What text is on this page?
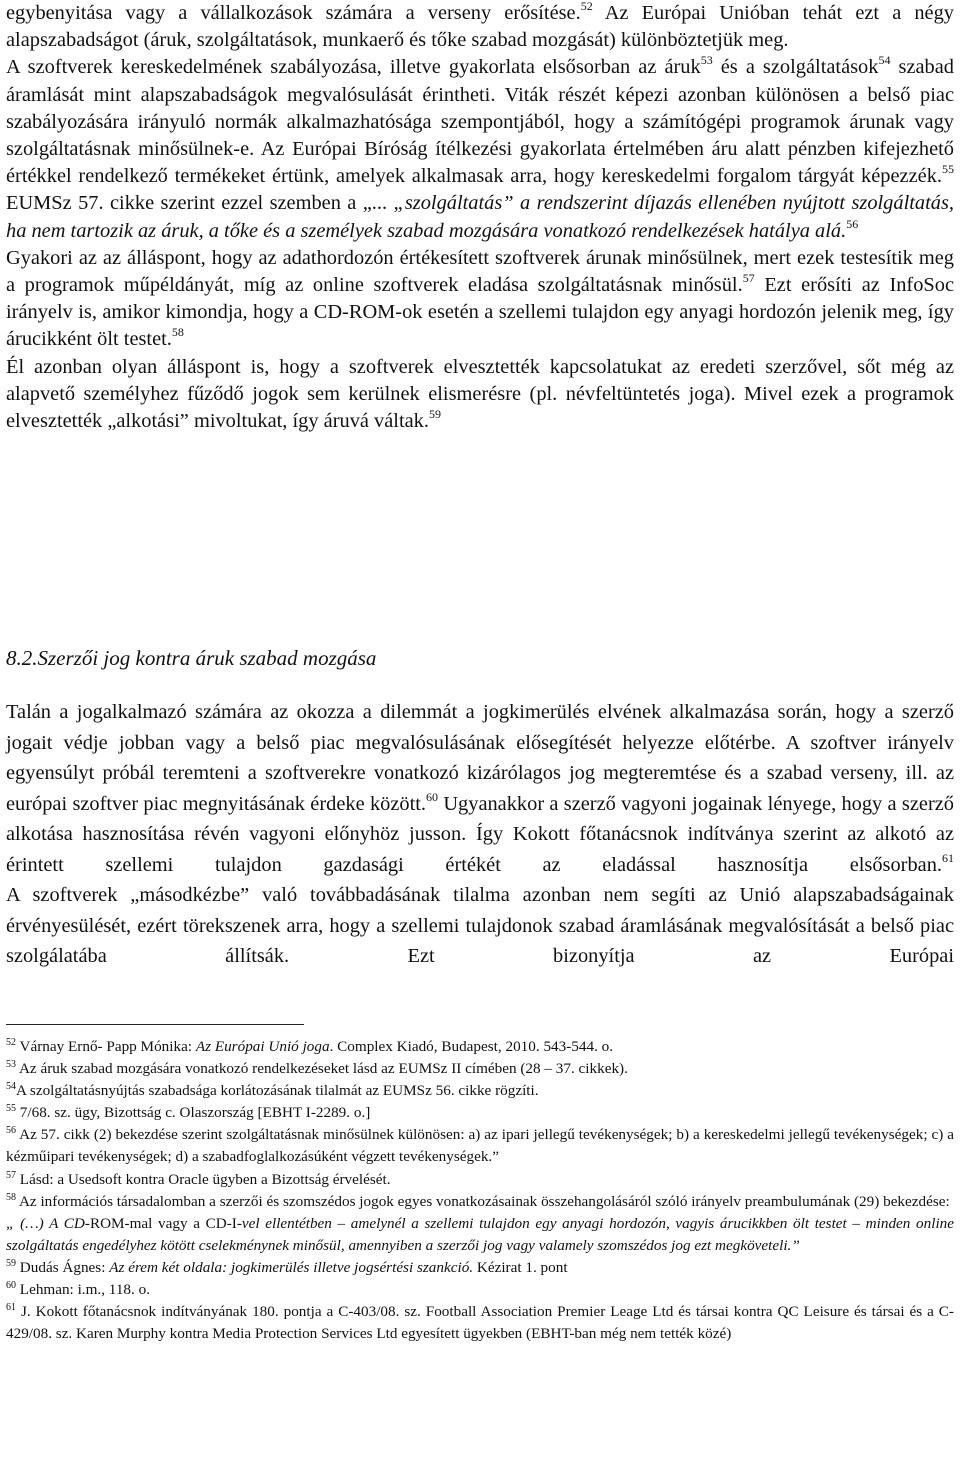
egybenyitása vagy a vállalkozások számára a verseny erősítése.$^{52}$ Az Európai Unióban tehát ezt a négy alapszabadságot (áruk, szolgáltatások, munkaerő és tőke szabad mozgását) különböztetjük meg.
A szoftverek kereskedelmének szabályozása, illetve gyakorlata elsősorban az áruk$^{53}$ és a szolgáltatások$^{54}$ szabad áramlását mint alapszabadságok megvalósulását érintheti. Viták részét képezi azonban különösen a belső piac szabályozására irányuló normák alkalmazhatósága szempontjából, hogy a számítógépi programok árunak vagy szolgáltatásnak minősülnek-e. Az Európai Bíróság ítélkezési gyakorlata értelmében áru alatt pénzben kifejezhető értékkel rendelkező termékeket értünk, amelyek alkalmasak arra, hogy kereskedelmi forgalom tárgyát képezzék.$^{55}$ EUMSz 57. cikke szerint ezzel szemben a „... „szolgáltatás” a rendszerint díjazás ellenében nyújtott szolgáltatás, ha nem tartozik az áruk, a tőke és a személyek szabad mozgására vonatkozó rendelkezések hatálya alá.$^{56}$
Gyakori az az álláspont, hogy az adathordozón értékesített szoftverek árunak minősülnek, mert ezek testesítik meg a programok műpéldányát, míg az online szoftverek eladása szolgáltatásnak minősül.$^{57}$ Ezt erősíti az InfoSoc irányelv is, amikor kimondja, hogy a CD-ROM-ok esetén a szellemi tulajdon egy anyagi hordozón jelenik meg, így árucikként ölt testet.$^{58}$
Él azonban olyan álláspont is, hogy a szoftverek elvesztették kapcsolatukat az eredeti szerzővel, sőt még az alapvető személyhez fűződő jogok sem kerülnek elismerésre (pl. névfeltüntetés joga). Mivel ezek a programok elvesztették „alkotási” mivoltukat, így áruvá váltak.$^{59}$
8.2.Szerzői jog kontra áruk szabad mozgása
Talán a jogalkalmazó számára az okozza a dilemmát a jogkimerülés elvének alkalmazása során, hogy a szerző jogait védje jobban vagy a belső piac megvalósulásának elősegítését helyezze előtérbe. A szoftver irányelv egyensúlyt próbál teremteni a szoftverekre vonatkozó kizárólagos jog megteremtése és a szabad verseny, ill. az európai szoftver piac megnyitásának érdeke között.$^{60}$ Ugyanakkor a szerző vagyoni jogainak lényege, hogy a szerző alkotása hasznosítása révén vagyoni előnyhöz jusson. Így Kokott főtanácsnok indítványa szerint az alkotó az érintett szellemi tulajdon gazdasági értékét az eladással hasznosítja elsősorban.$^{61}$
A szoftverek „másodkézbe” való továbbadásának tilalma azonban nem segíti az Unió alapszabadságainak érvényesülését, ezért törekszenek arra, hogy a szellemi tulajdonok szabad áramlásának megvalósítását a belső piac szolgálatába állítsák. Ezt bizonyítja az Európai
$^{52}$ Várnay Ernő- Papp Mónika: Az Európai Unió joga. Complex Kiadó, Budapest, 2010. 543-544. o.
$^{53}$ Az áruk szabad mozgására vonatkozó rendelkezéseket lásd az EUMSz II címében (28 – 37. cikkek).
$^{54}$A szolgáltatásnyújtás szabadsága korlátozásának tilalmát az EUMSz 56. cikke rögzíti.
$^{55}$ 7/68. sz. ügy, Bizottság c. Olaszország [EBHT I-2289. o.]
$^{56}$ Az 57. cikk (2) bekezdése szerint szolgáltatásnak minősülnek különösen: a) az ipari jellegű tevékenységek; b) a kereskedelmi jellegű tevékenységek; c) a kézműipari tevékenységek; d) a szabadfoglalkozásúként végzett tevékenységek.”
$^{57}$ Lásd: a Usedsoft kontra Oracle ügyben a Bizottság érvelését.
$^{58}$ Az információs társadalomban a szerzői és szomszédos jogok egyes vonatkozásainak összehangolásáról szóló irányelv preambulumának (29) bekezdése:
„ (…) A CD-ROM-mal vagy a CD-I-vel ellentétben – amelynél a szellemi tulajdon egy anyagi hordozón, vagyis árucikkben ölt testet – minden online szolgáltatás engedélyhez kötött cselekménynek minősül, amennyiben a szerzői jog vagy valamely szomszédos jog ezt megköveteli.”
$^{59}$ Dudás Ágnes: Az érem két oldala: jogkimerülés illetve jogsértési szankció. Kézirat 1. pont
$^{60}$ Lehman: i.m., 118. o.
$^{61}$ J. Kokott főtanácsnok indítványának 180. pontja a C-403/08. sz. Football Association Premier Leage Ltd és társai kontra QC Leisure és társai és a C-429/08. sz. Karen Murphy kontra Media Protection Services Ltd egyesített ügyekben (EBHT-ban még nem tették közé)
